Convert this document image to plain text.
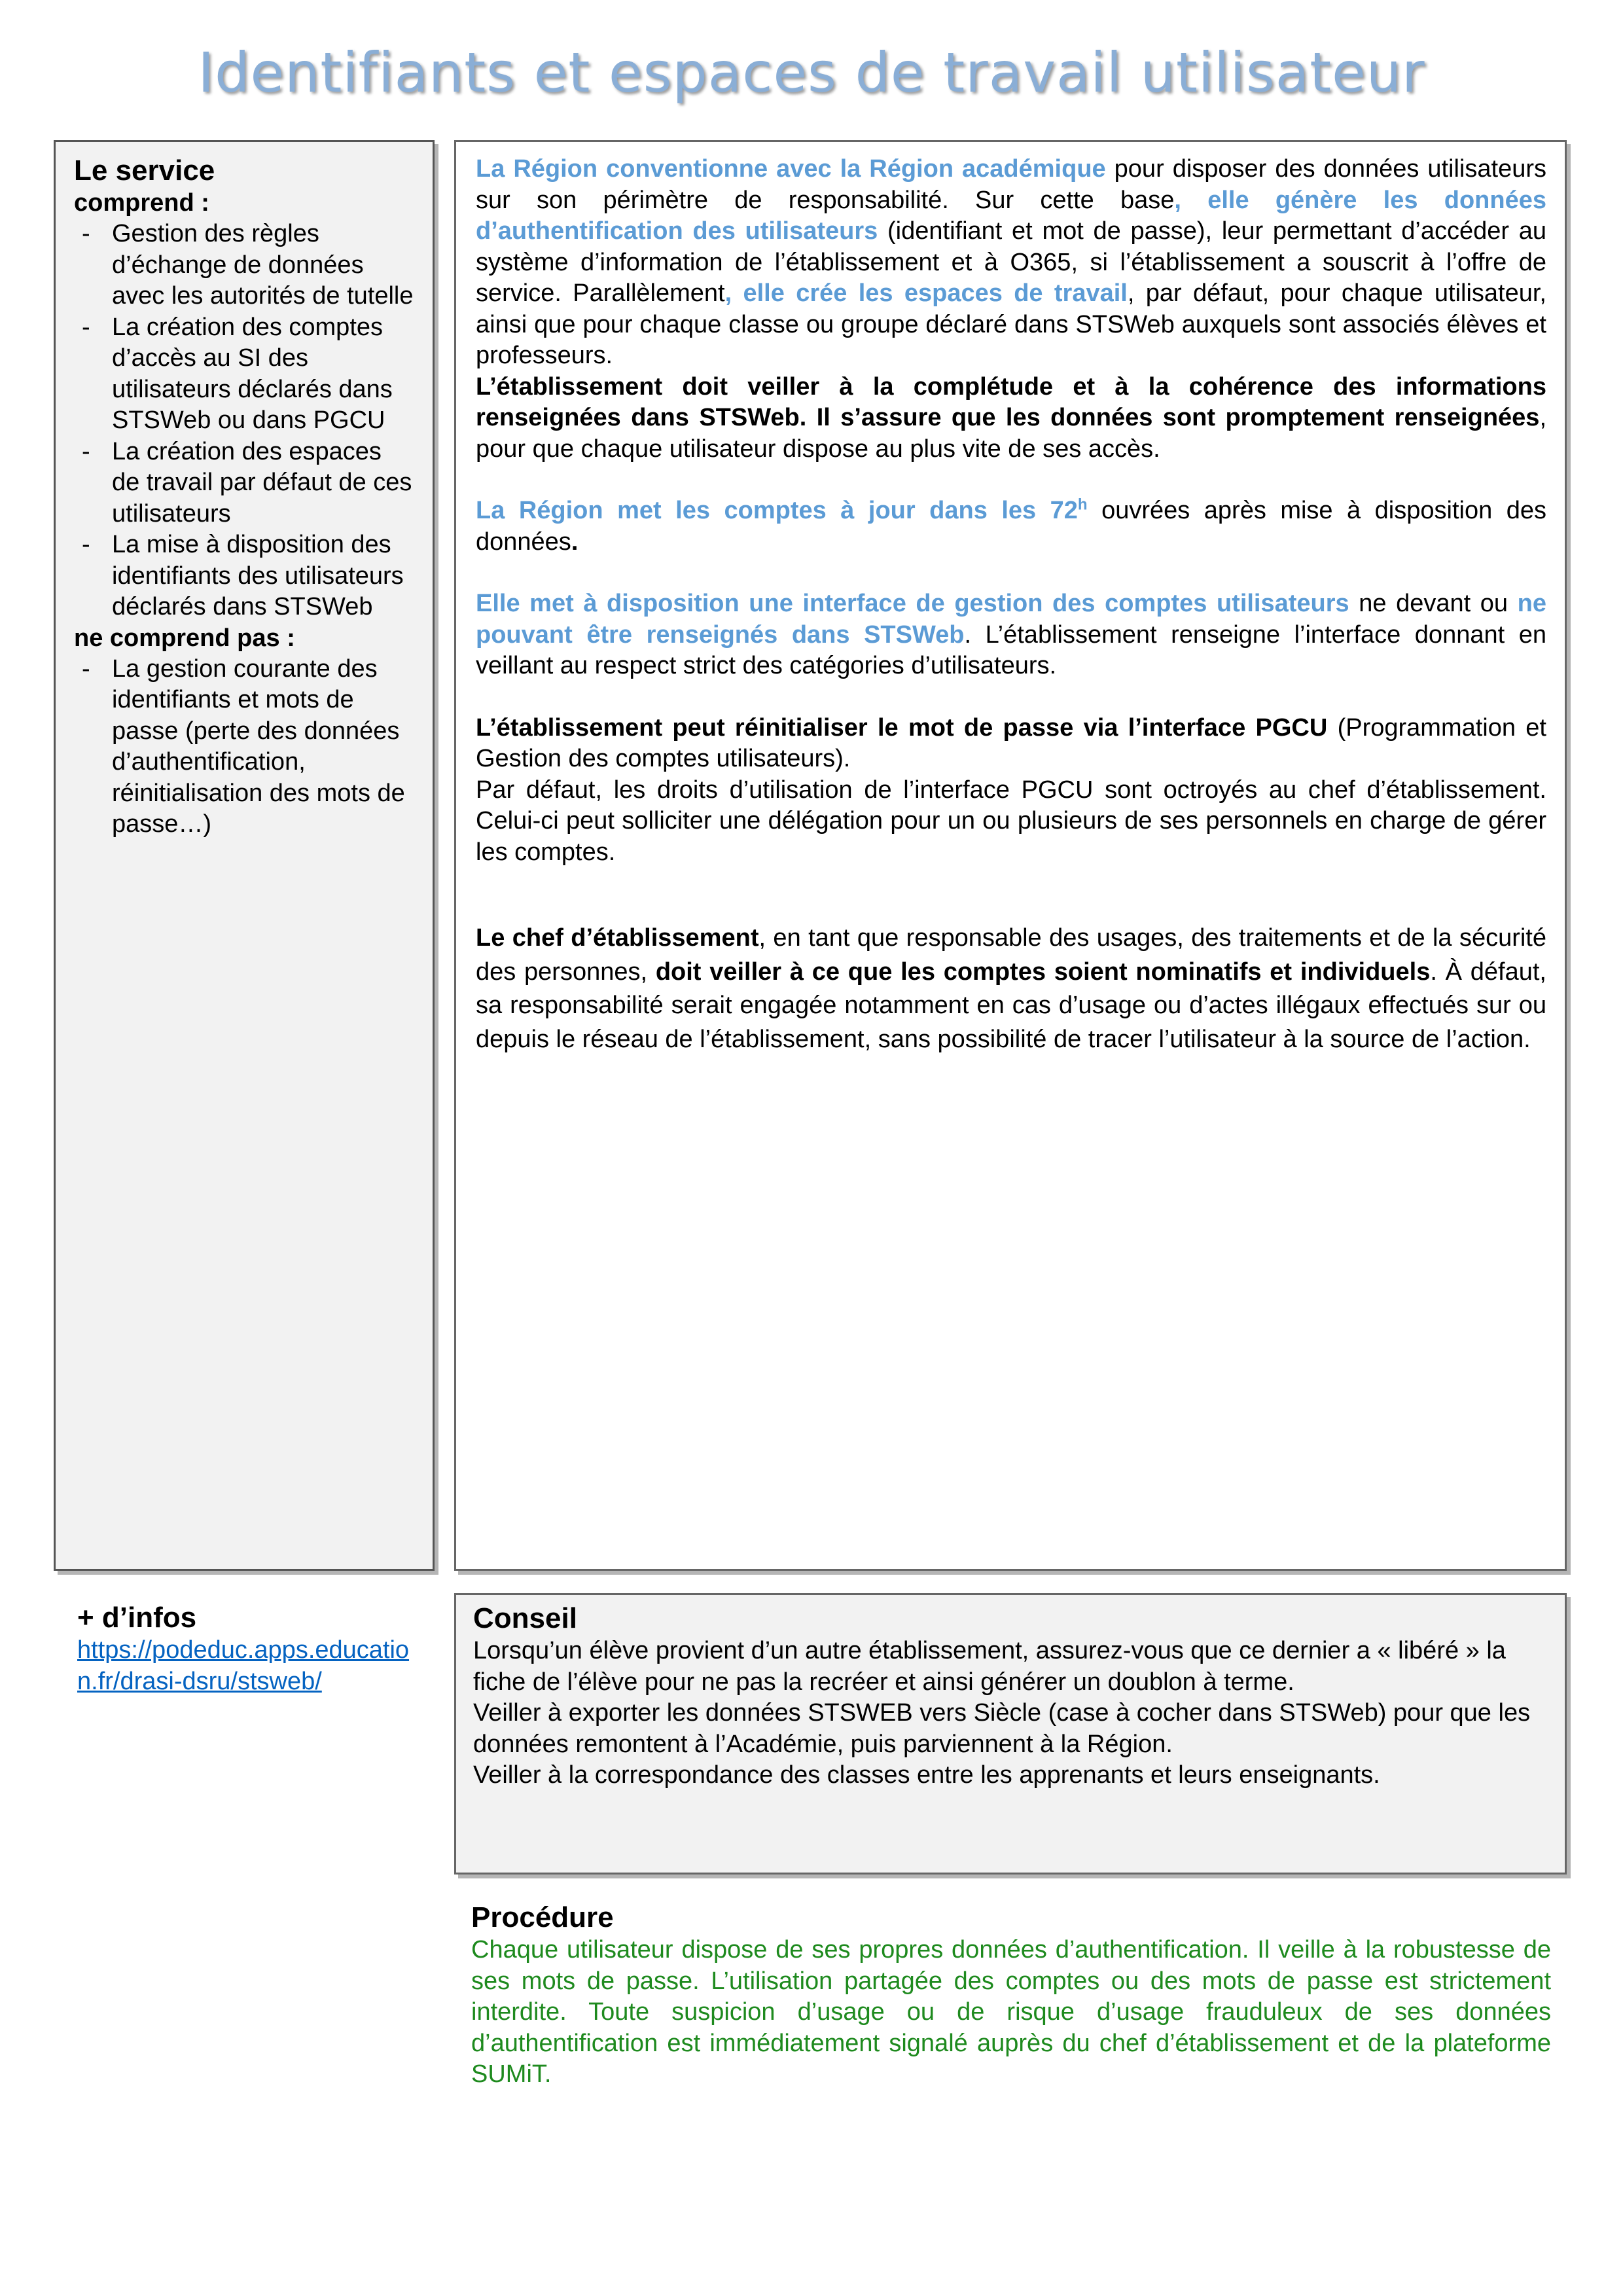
Identifiants et espaces de travail utilisateur
Le service
comprend :
- Gestion des règles d’échange de données avec les autorités de tutelle
- La création des comptes d’accès au SI des utilisateurs déclarés dans STSWeb ou dans PGCU
- La création des espaces de travail par défaut de ces utilisateurs
- La mise à disposition des identifiants des utilisateurs déclarés dans STSWeb
ne comprend pas :
- La gestion courante des identifiants et mots de passe (perte des données d’authentification, réinitialisation des mots de passe…)

La Région conventionne avec la Région académique pour disposer des données utilisateurs sur son périmètre de responsabilité. Sur cette base, elle génère les données d’authentification des utilisateurs (identifiant et mot de passe), leur permettant d’accéder au système d’information de l’établissement et à O365, si l’établissement a souscrit à l’offre de service. Parallèlement, elle crée les espaces de travail, par défaut, pour chaque utilisateur, ainsi que pour chaque classe ou groupe déclaré dans STSWeb auxquels sont associés élèves et professeurs.

L’établissement doit veiller à la complétude et à la cohérence des informations renseignées dans STSWeb. Il s’assure que les données sont promptement renseignées, pour que chaque utilisateur dispose au plus vite de ses accès.

La Région met les comptes à jour dans les 72$^h$ ouvrées après mise à disposition des données.

Elle met à disposition une interface de gestion des comptes utilisateurs ne devant ou ne pouvant être renseignés dans STSWeb. L’établissement renseigne l’interface donnant en veillant au respect strict des catégories d’utilisateurs.

L’établissement peut réinitialiser le mot de passe via l’interface PGCU (Programmation et Gestion des comptes utilisateurs).

Par défaut, les droits d’utilisation de l’interface PGCU sont octroyés au chef d’établissement. Celui-ci peut solliciter une délégation pour un ou plusieurs de ses personnels en charge de gérer les comptes.

Le chef d’établissement, en tant que responsable des usages, des traitements et de la sécurité des personnes, doit veiller à ce que les comptes soient nominatifs et individuels. À défaut, sa responsabilité serait engagée notamment en cas d’usage ou d’actes illégaux effectués sur ou depuis le réseau de l’établissement, sans possibilité de tracer l’utilisateur à la source de l’action.

+ d’infos
https://podeduc.apps.education.fr/drasi-dsru/stsweb/
Conseil

Lorsqu’un élève provient d’un autre établissement, assurez-vous que ce dernier a « libéré » la fiche de l’élève pour ne pas la recréer et ainsi générer un doublon à terme.

Veiller à exporter les données STSWEB vers Siècle (case à cocher dans STSWeb) pour que les données remontent à l’Académie, puis parviennent à la Région.

Veiller à la correspondance des classes entre les apprenants et leurs enseignants.

Procédure

Chaque utilisateur dispose de ses propres données d’authentification. Il veille à la robustesse de ses mots de passe. L’utilisation partagée des comptes ou des mots de passe est strictement interdite. Toute suspicion d’usage ou de risque d’usage frauduleux de ses données d’authentification est immédiatement signalé auprès du chef d’établissement et de la plateforme SUMiT.
